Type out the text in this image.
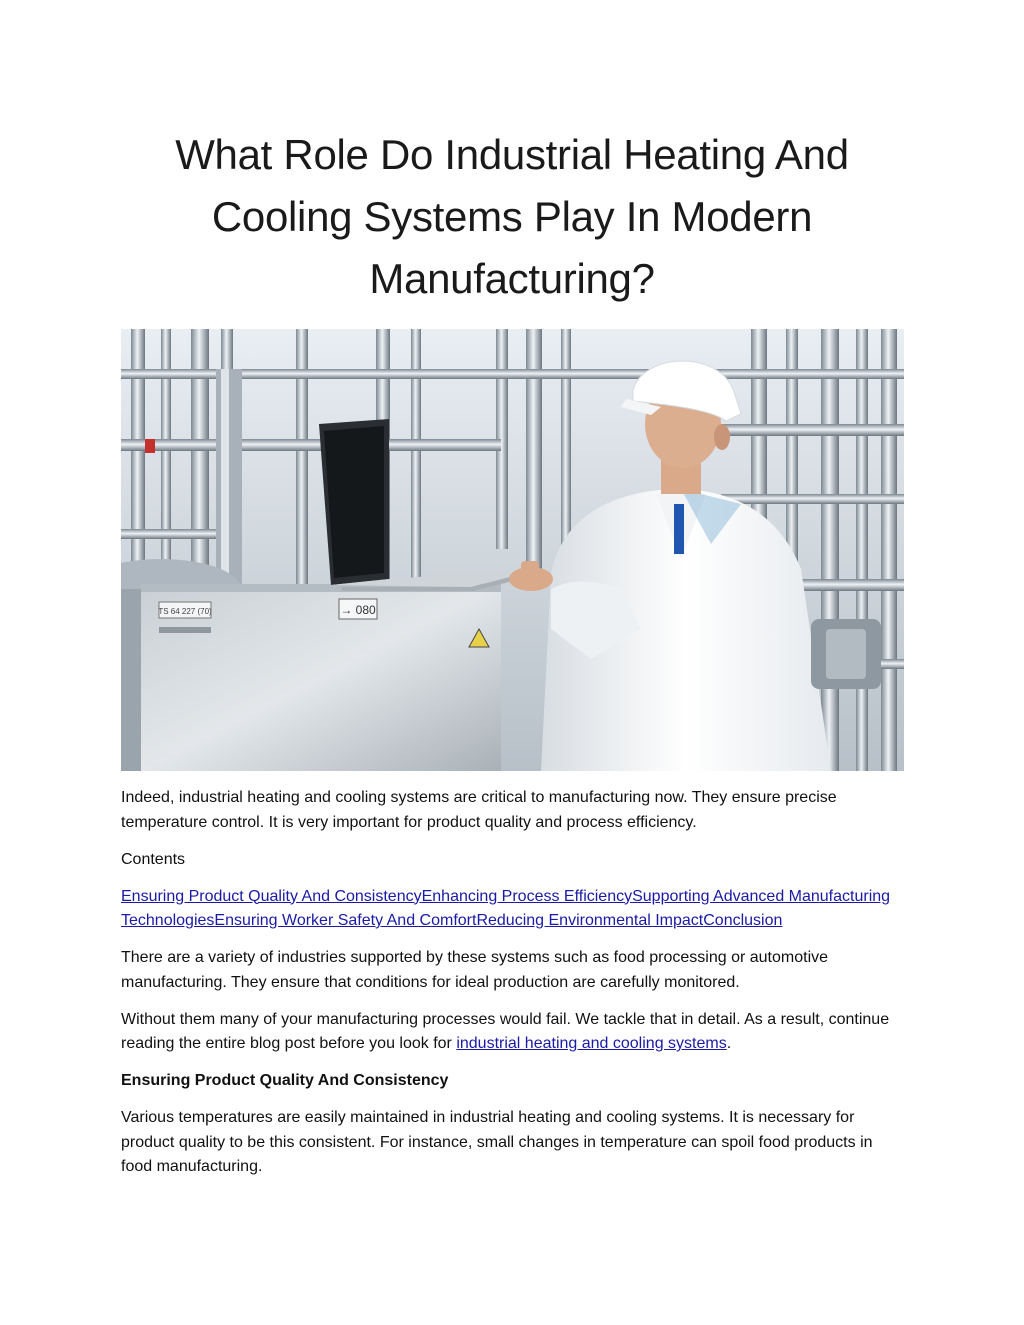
What Role Do Industrial Heating And Cooling Systems Play In Modern Manufacturing?
TS 64 227 (70)	→ 080

Indeed, industrial heating and cooling systems are critical to manufacturing now. They ensure precise temperature control. It is very important for product quality and process efficiency.

Contents

Ensuring Product Quality And ConsistencyEnhancing Process EfficiencySupporting Advanced Manufacturing TechnologiesEnsuring Worker Safety And ComfortReducing Environmental ImpactConclusion

There are a variety of industries supported by these systems such as food processing or automotive manufacturing. They ensure that conditions for ideal production are carefully monitored.

Without them many of your manufacturing processes would fail. We tackle that in detail. As a result, continue reading the entire blog post before you look for industrial heating and cooling systems.

Ensuring Product Quality And Consistency

Various temperatures are easily maintained in industrial heating and cooling systems. It is necessary for product quality to be this consistent. For instance, small changes in temperature can spoil food products in food manufacturing.
